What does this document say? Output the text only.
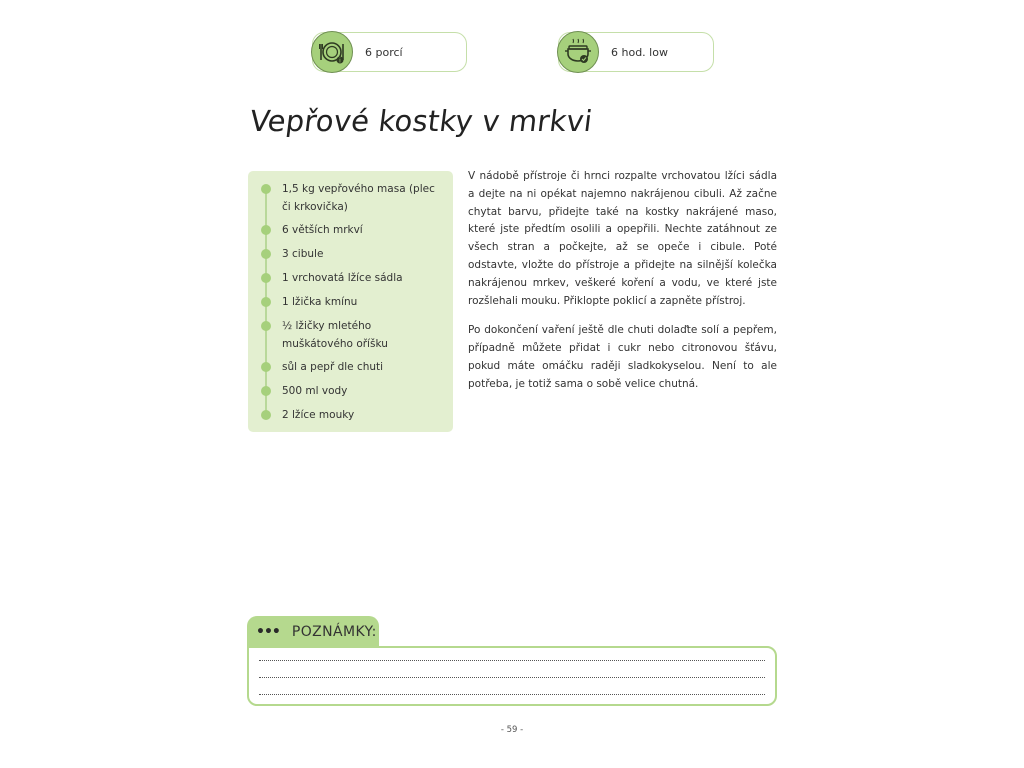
i
6 porcí	6 hod. low
Vepřové kostky v mrkvi
1,5 kg vepřového masa (plec či krkovička)
6 větších mrkví
3 cibule
1 vrchovatá lžíce sádla
1 lžička kmínu
½ lžičky mletého muškátového oříšku
sůl a pepř dle chuti
500 ml vody
2 lžíce mouky

V nádobě přístroje či hrnci rozpalte vrchovatou lžíci sádla a dejte na ni opékat najemno nakrájenou cibuli. Až začne chytat barvu, přidejte také na kostky nakrájené maso, které jste předtím osolili a opepřili. Nechte zatáhnout ze všech stran a počkejte, až se opeče i cibule. Poté odstavte, vložte do přístroje a přidejte na silnější kolečka nakrájenou mrkev, veškeré koření a vodu, ve které jste rozšlehali mouku. Přiklopte poklicí a zapněte přístroj.

Po dokončení vaření ještě dle chuti dolaďte solí a pepřem, případně můžete přidat i cukr nebo citronovou šťávu, pokud máte omáčku raději sladkokyselou. Není to ale potřeba, je totiž sama o sobě velice chutná.

••• POZNÁMKY:
- 59 -
